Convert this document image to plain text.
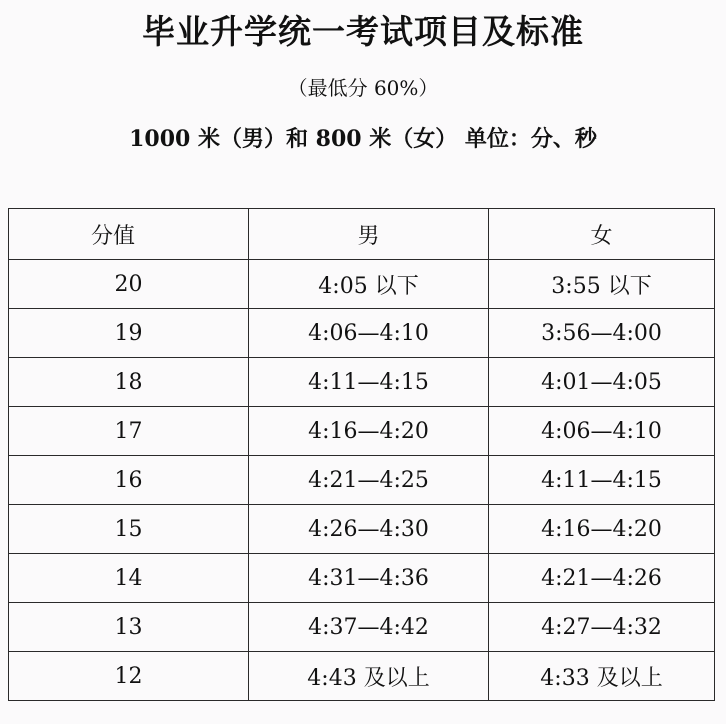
毕业升学统一考试项目及标准
（最低分 60%）
1000 米（男）和 800 米（女） 单位：分、秒
分值	男	女
20	4:05 以下	3:55 以下
19	4:06—4:10	3:56—4:00
18	4:11—4:15	4:01—4:05
17	4:16—4:20	4:06—4:10
16	4:21—4:25	4:11—4:15
15	4:26—4:30	4:16—4:20
14	4:31—4:36	4:21—4:26
13	4:37—4:42	4:27—4:32
12	4:43 及以上	4:33 及以上
